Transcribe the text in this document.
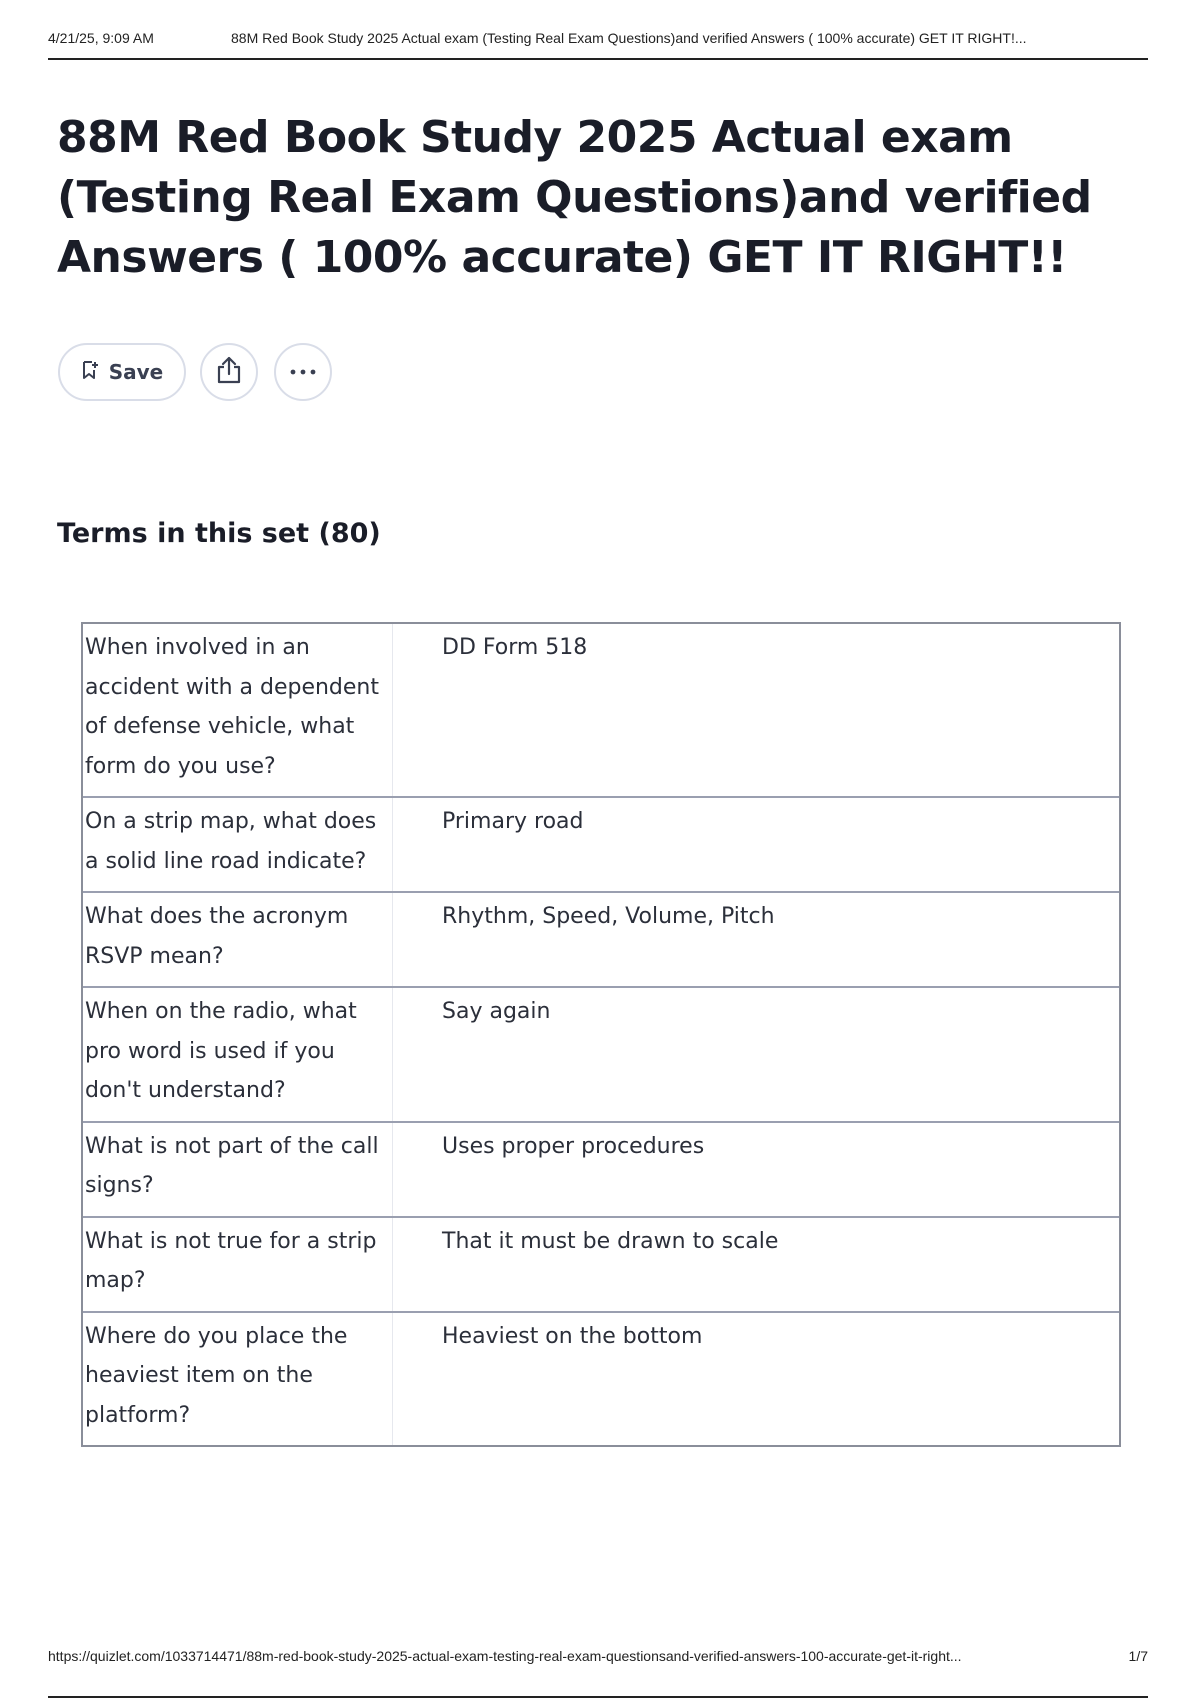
4/21/25, 9:09 AM	88M Red Book Study 2025 Actual exam (Testing Real Exam Questions)and verified Answers ( 100% accurate) GET IT RIGHT!...
88M Red Book Study 2025 Actual exam (Testing Real Exam Questions)and verified Answers ( 100% accurate) GET IT RIGHT!!
Save
Terms in this set (80)
When involved in an accident with a dependent of defense vehicle, what form do you use?
DD Form 518
On a strip map, what does a solid line road indicate?
Primary road
What does the acronym RSVP mean?
Rhythm, Speed, Volume, Pitch
When on the radio, what pro word is used if you don't understand?
Say again
What is not part of the call signs?
Uses proper procedures
What is not true for a strip map?
That it must be drawn to scale
Where do you place the heaviest item on the platform?
Heaviest on the bottom
https://quizlet.com/1033714471/88m-red-book-study-2025-actual-exam-testing-real-exam-questionsand-verified-answers-100-accurate-get-it-right...	1/7
